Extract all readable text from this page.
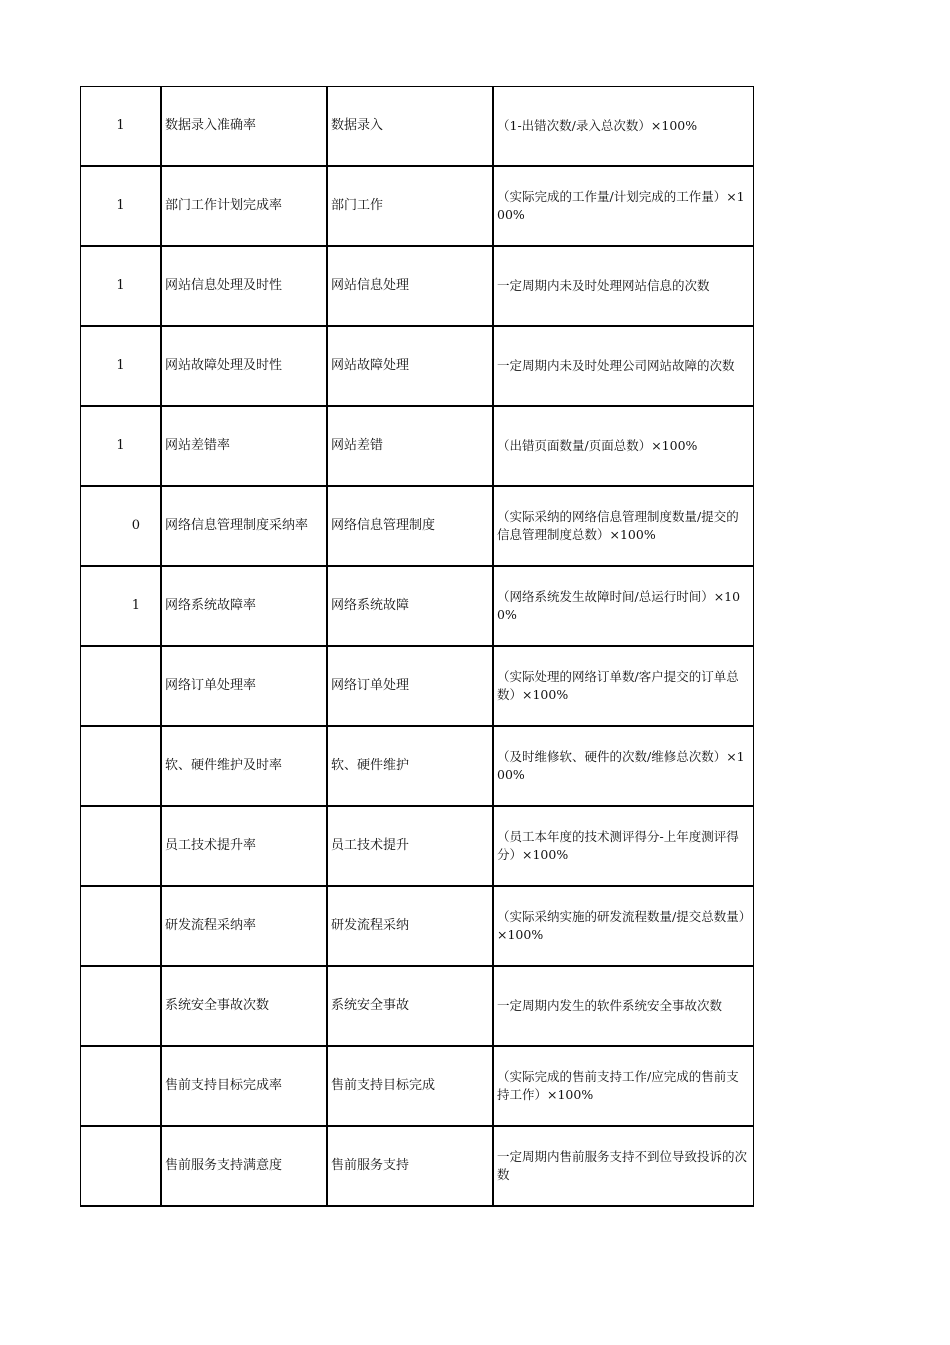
1	数据录入准确率	数据录入	（1-出错次数/录入总次数）×100%
1	部门工作计划完成率	部门工作	（实际完成的工作量/计划完成的工作量）×100%
1	网站信息处理及时性	网站信息处理	一定周期内未及时处理网站信息的次数
1	网站故障处理及时性	网站故障处理	一定周期内未及时处理公司网站故障的次数
1	网站差错率	网站差错	（出错页面数量/页面总数）×100%
0	网络信息管理制度采纳率	网络信息管理制度	（实际采纳的网络信息管理制度数量/提交的信息管理制度总数）×100%
1	网络系统故障率	网络系统故障	（网络系统发生故障时间/总运行时间）×100%
	网络订单处理率	网络订单处理	（实际处理的网络订单数/客户提交的订单总数）×100%
	软、硬件维护及时率	软、硬件维护	（及时维修软、硬件的次数/维修总次数）×100%
	员工技术提升率	员工技术提升	（员工本年度的技术测评得分-上年度测评得分）×100%
	研发流程采纳率	研发流程采纳	（实际采纳实施的研发流程数量/提交总数量）×100%
	系统安全事故次数	系统安全事故	一定周期内发生的软件系统安全事故次数
	售前支持目标完成率	售前支持目标完成	（实际完成的售前支持工作/应完成的售前支持工作）×100%
	售前服务支持满意度	售前服务支持	一定周期内售前服务支持不到位导致投诉的次数
